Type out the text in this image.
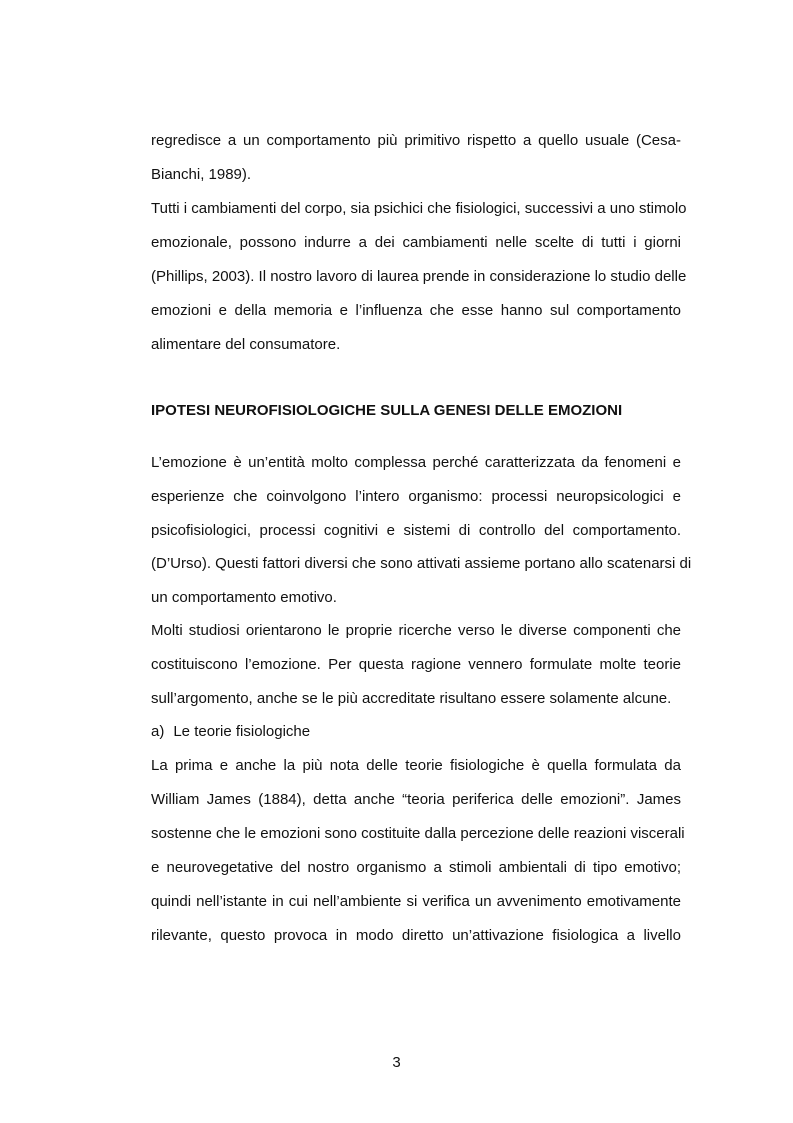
regredisce a un comportamento più primitivo rispetto a quello usuale (Cesa-

Bianchi, 1989).

Tutti i cambiamenti del corpo, sia psichici che fisiologici, successivi a uno stimolo

emozionale, possono indurre a dei cambiamenti nelle scelte di tutti i giorni

(Phillips, 2003). Il nostro lavoro di laurea prende in considerazione lo studio delle

emozioni e della memoria e l’influenza che esse hanno sul comportamento

alimentare del consumatore.

IPOTESI NEUROFISIOLOGICHE SULLA GENESI DELLE EMOZIONI

L’emozione è un’entità molto complessa perché caratterizzata da fenomeni e

esperienze che coinvolgono l’intero organismo: processi neuropsicologici e

psicofisiologici, processi cognitivi e sistemi di controllo del comportamento.

(D’Urso). Questi fattori diversi che sono attivati assieme portano allo scatenarsi di

un comportamento emotivo.

Molti studiosi orientarono le proprie ricerche verso le diverse componenti che

costituiscono l’emozione. Per questa ragione vennero formulate molte teorie

sull’argomento, anche se le più accreditate risultano essere solamente alcune.

a) Le teorie fisiologiche

La prima e anche la più nota delle teorie fisiologiche è quella formulata da

William James (1884), detta anche “teoria periferica delle emozioni”. James

sostenne che le emozioni sono costituite dalla percezione delle reazioni viscerali

e neurovegetative del nostro organismo a stimoli ambientali di tipo emotivo;

quindi nell’istante in cui nell’ambiente si verifica un avvenimento emotivamente

rilevante, questo provoca in modo diretto un’attivazione fisiologica a livello

3
